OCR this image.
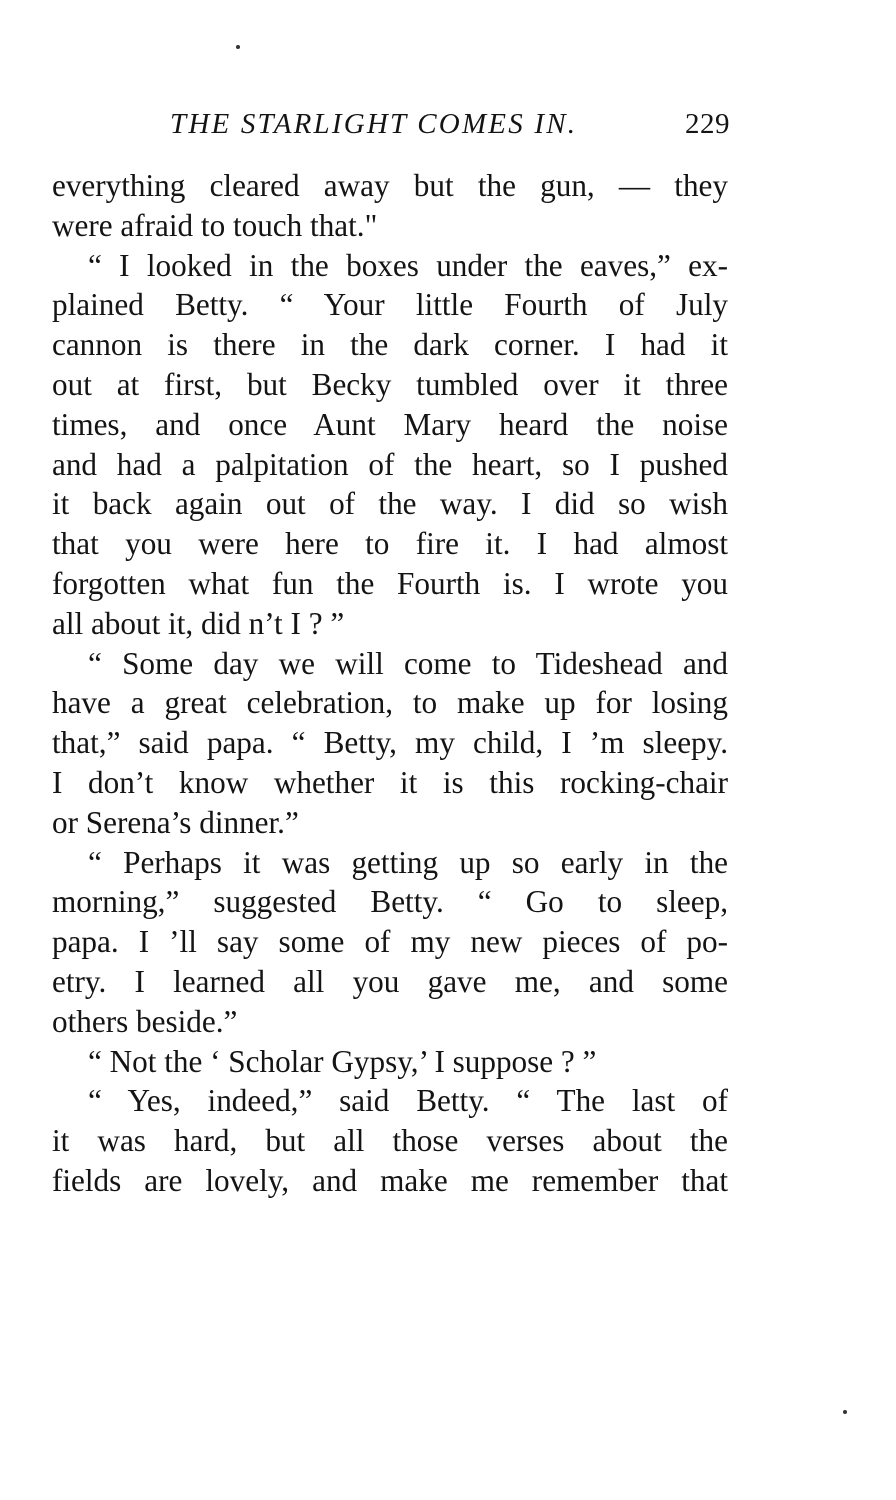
THE STARLIGHT COMES IN.	229
everything cleared away but the gun, — they
were afraid to touch that."
“ I looked in the boxes under the eaves,” ex-
plained Betty. “ Your little Fourth of July
cannon is there in the dark corner. I had it
out at first, but Becky tumbled over it three
times, and once Aunt Mary heard the noise
and had a palpitation of the heart, so I pushed
it back again out of the way. I did so wish
that you were here to fire it. I had almost
forgotten what fun the Fourth is. I wrote you
all about it, did n’t I ? ”
“ Some day we will come to Tideshead and
have a great celebration, to make up for losing
that,” said papa. “ Betty, my child, I ’m sleepy.
I don’t know whether it is this rocking-chair
or Serena’s dinner.”
“ Perhaps it was getting up so early in the
morning,” suggested Betty. “ Go to sleep,
papa. I ’ll say some of my new pieces of po-
etry. I learned all you gave me, and some
others beside.”
“ Not the ‘ Scholar Gypsy,’ I suppose ? ”
“ Yes, indeed,” said Betty. “ The last of
it was hard, but all those verses about the
fields are lovely, and make me remember that
